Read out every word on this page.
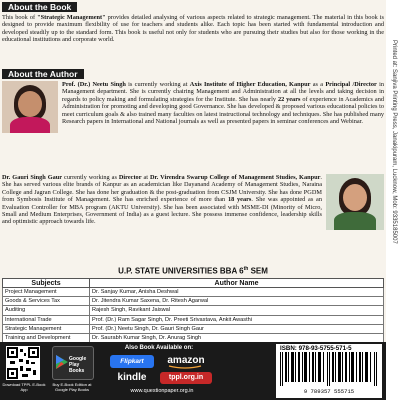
Printed at: Sanjiva Printing Press, Janakipuram, Lucknow, Mob: 9335185007
About the Book
This book of "Strategic Management" provides detailed analysing of various aspects related to strategic management. The material in this book is designed to provide maximum flexibility of use for teachers and students alike. Each topic has been started with fundamental introduction and developed steadily up to the standard form. This book is useful not only for students who are pursuing their studies but also for those working in the educational institutions and corporate world.
About the Author
Prof. (Dr.) Neetu Singh is currently working at Axis Institute of Higher Education, Kanpur as a Principal /Director in Management department. She is currently chairing Management and Administration at all the levels and taking decision in regards to policy making and formulating strategies for the Institute. She has nearly 22 years of experience in Academics and Administration for promoting and developing good Governance. She has developed & proposed various educational policies to meet curriculum goals & also trained many faculties on latest instructional technology and techniques. She has published many Research papers in International and National journals as well as presented papers in seminar conferences and Webinar.
Dr. Gauri Singh Gaur currently working as Director at Dr. Virendra Swarup College of Management Studies, Kanpur. She has served various elite brands of Kanpur as an academician like Dayanand Academy of Management Studies, Naraina College and Jagran College. She has done her graduation & the post-graduation from CSJM University. She has done PGDM from Symbosis Institute of Management. She has enriched experience of more than 18 years. She was appointed as an Evaluation Controller for MBA program (AKTU University). She has been associated with MSME-DI (Minority of Micro, Small and Medium Enterprises, Government of India) as a guest lecture. She possess immense confidence, leadership skills and optimistic approach towards life.
U.P. STATE UNIVERSITIES BBA 6th SEM
Subjects	Author Name
Project Management	Dr. Sanjay Kumar, Anisha Deshwal
Goods & Services Tax	Dr. Jitendra Kumar Saxena, Dr. Ritesh Agarwal
Auditing	Rajesh Singh, Ravikant Jaiswal
International Trade	Prof. (Dr.) Ram Sagar Singh, Dr. Preeti Srivastava, Ankit Awasthi
Strategic Management	Prof. (Dr.) Neetu Singh, Dr. Gauri Singh Gaur
Training and Development	Dr. Saurabh Kumar Singh, Dr. Anurag Singh
Download TPPL E-Book App
Google Play Books
Buy E-Book Edition at Google Play Books
Also Book Available on:
Flipkart	amazon
kindle	tppl.org.in
www.questionpaper.org.in
ISBN: 978-93-5755-571-5
9 789357 555715
